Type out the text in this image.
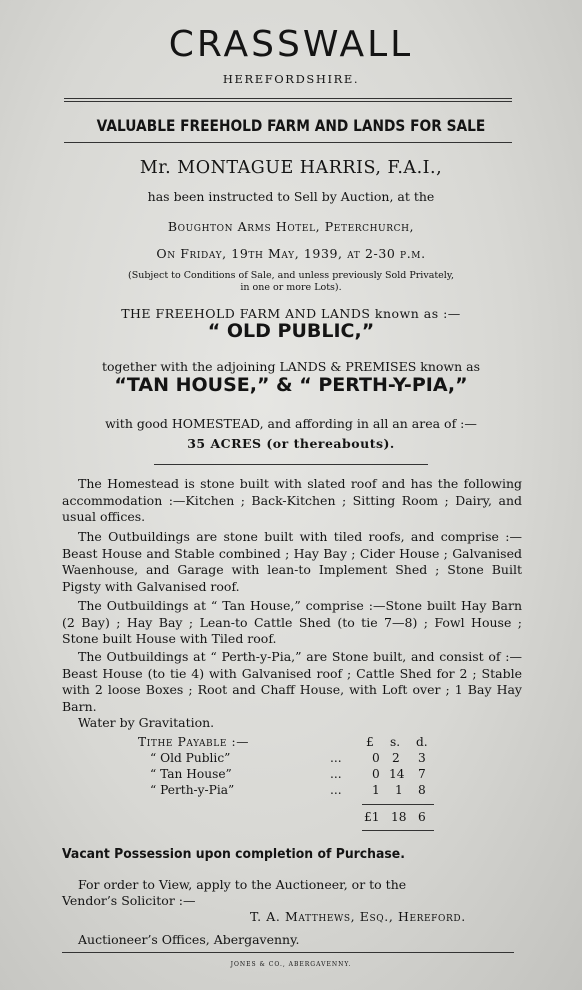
CRASSWALL
HEREFORDSHIRE.
VALUABLE FREEHOLD FARM AND LANDS FOR SALE
Mr. MONTAGUE HARRIS, F.A.I.,
has been instructed to Sell by Auction, at the
Boughton Arms Hotel, Peterchurch,
On Friday, 19th May, 1939, at 2-30 p.m.
(Subject to Conditions of Sale, and unless previously Sold Privately,
in one or more Lots).
THE FREEHOLD FARM AND LANDS known as :—
“ OLD PUBLIC,”
together with the adjoining LANDS & PREMISES known as
“TAN HOUSE,” & “ PERTH-Y-PIA,”
with good HOMESTEAD, and affording in all an area of :—
35 ACRES (or thereabouts).

The Homestead is stone built with slated roof and has the following accommodation :—Kitchen ; Back-Kitchen ; Sitting Room ; Dairy, and usual offices.

The Outbuildings are stone built with tiled roofs, and comprise :—Beast House and Stable combined ; Hay Bay ; Cider House ; Galvanised Waenhouse, and Garage with lean-to Implement Shed ; Stone Built Pigsty with Galvanised roof.

The Outbuildings at “ Tan House,” comprise :—Stone built Hay Barn (2 Bay) ; Hay Bay ; Lean-to Cattle Shed (to tie 7—8) ; Fowl House ; Stone built House with Tiled roof.

The Outbuildings at “ Perth-y-Pia,” are Stone built, and consist of :—Beast House (to tie 4) with Galvanised roof ; Cattle Shed for 2 ; Stable with 2 loose Boxes ; Root and Chaff House, with Loft over ; 1 Bay Hay Barn.

Water by Gravitation.
Tithe Payable :—	£ s. d.
“ Old Public”	... 0 2 3
“ Tan House”	... 0 14 7
“ Perth-y-Pia”	... 1 1 8
£1 18 6
Vacant Possession upon completion of Purchase.
For order to View, apply to the Auctioneer, or to the
Vendor’s Solicitor :—
T. A. Matthews, Esq., Hereford.
Auctioneer’s Offices, Abergavenny.
JONES & CO., ABERGAVENNY.
